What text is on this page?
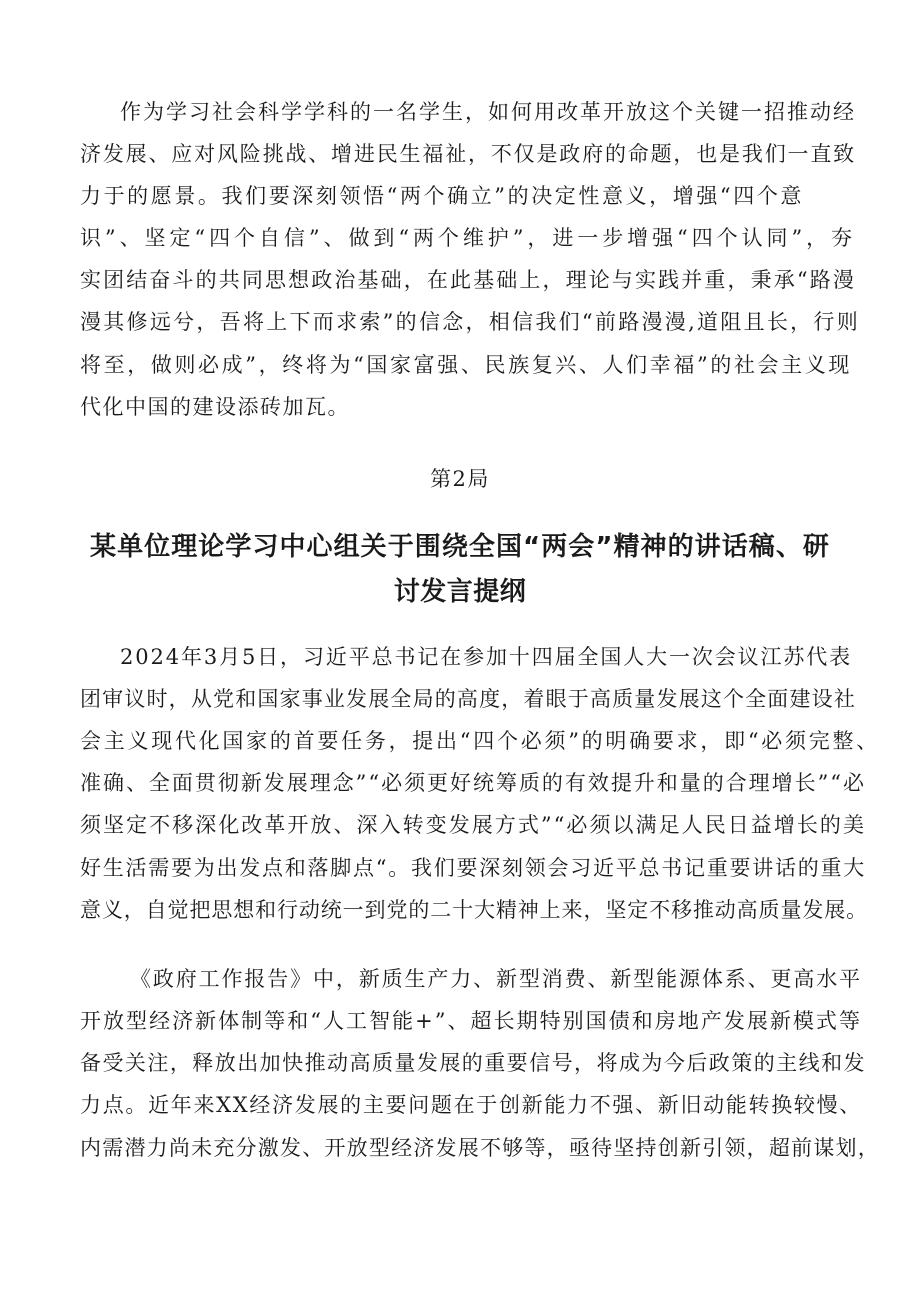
作为学习社会科学学科的一名学生，如何用改革开放这个关键一招推动经
济发展、应对风险挑战、增进民生福祉，不仅是政府的命题，也是我们一直致
力于的愿景。我们要深刻领悟“两个确立”的决定性意义，增强“四个意
识”、坚定“四个自信”、做到“两个维护”，进一步增强“四个认同”，夯
实团结奋斗的共同思想政治基础，在此基础上，理论与实践并重，秉承“路漫
漫其修远兮，吾将上下而求索”的信念，相信我们“前路漫漫,道阻且长，行则
将至，做则必成”，终将为“国家富强、民族复兴、人们幸福”的社会主义现
代化中国的建设添砖加瓦。
第2局
某单位理论学习中心组关于围绕全国“两会”精神的讲话稿、研
讨发言提纲
2024年3月5日，习近平总书记在参加十四届全国人大一次会议江苏代表
团审议时，从党和国家事业发展全局的高度，着眼于高质量发展这个全面建设社
会主义现代化国家的首要任务，提出“四个必须”的明确要求，即“必须完整、
准确、全面贯彻新发展理念”“必须更好统筹质的有效提升和量的合理增长”“必
须坚定不移深化改革开放、深入转变发展方式”“必须以满足人民日益增长的美
好生活需要为出发点和落脚点“。我们要深刻领会习近平总书记重要讲话的重大
意义，自觉把思想和行动统一到党的二十大精神上来，坚定不移推动高质量发展。
《政府工作报告》中，新质生产力、新型消费、新型能源体系、更高水平
开放型经济新体制等和“人工智能+”、超长期特别国债和房地产发展新模式等
备受关注，释放出加快推动高质量发展的重要信号，将成为今后政策的主线和发
力点。近年来XX经济发展的主要问题在于创新能力不强、新旧动能转换较慢、
内需潜力尚未充分激发、开放型经济发展不够等，亟待坚持创新引领，超前谋划，
